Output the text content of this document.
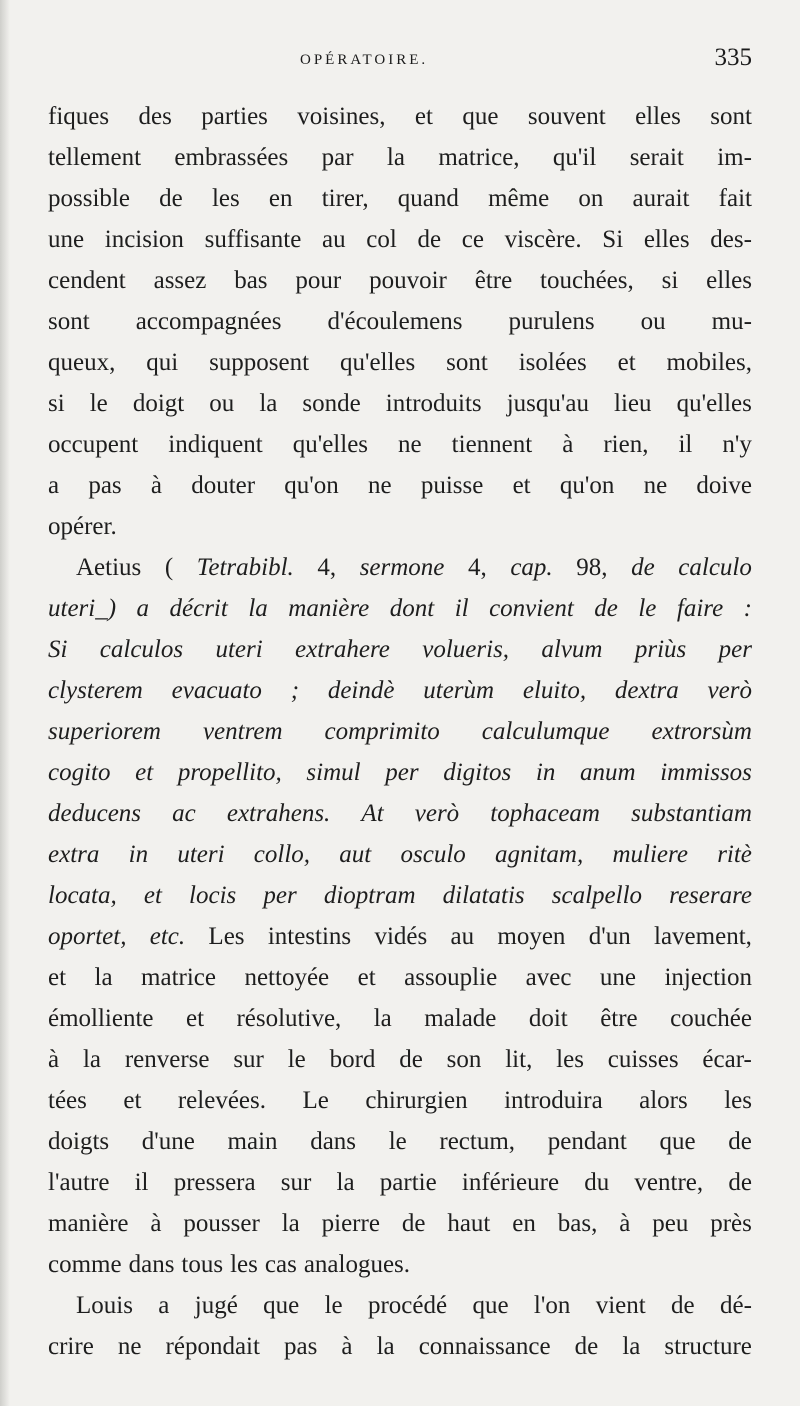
OPÉRATOIRE.	335
fiques des parties voisines, et que souvent elles sont
tellement embrassées par la matrice, qu'il serait im-
possible de les en tirer, quand même on aurait fait
une incision suffisante au col de ce viscère. Si elles des-
cendent assez bas pour pouvoir être touchées, si elles
sont accompagnées d'écoulemens purulens ou mu-
queux, qui supposent qu'elles sont isolées et mobiles,
si le doigt ou la sonde introduits jusqu'au lieu qu'elles
occupent indiquent qu'elles ne tiennent à rien, il n'y
a pas à douter qu'on ne puisse et qu'on ne doive
opérer.
Aetius ( Tetrabibl. 4, sermone 4, cap. 98, de calculo
uteri_) a décrit la manière dont il convient de le faire :
Si calculos uteri extrahere volueris, alvum priùs per
clysterem evacuato ; deindè uterùm eluito, dextra verò
superiorem ventrem comprimito calculumque extrorsùm
cogito et propellito, simul per digitos in anum immissos
deducens ac extrahens. At verò tophaceam substantiam
extra in uteri collo, aut osculo agnitam, muliere ritè
locata, et locis per dioptram dilatatis scalpello reserare
oportet, etc. Les intestins vidés au moyen d'un lavement,
et la matrice nettoyée et assouplie avec une injection
émolliente et résolutive, la malade doit être couchée
à la renverse sur le bord de son lit, les cuisses écar-
tées et relevées. Le chirurgien introduira alors les
doigts d'une main dans le rectum, pendant que de
l'autre il pressera sur la partie inférieure du ventre, de
manière à pousser la pierre de haut en bas, à peu près
comme dans tous les cas analogues.
Louis a jugé que le procédé que l'on vient de dé-
crire ne répondait pas à la connaissance de la structure
